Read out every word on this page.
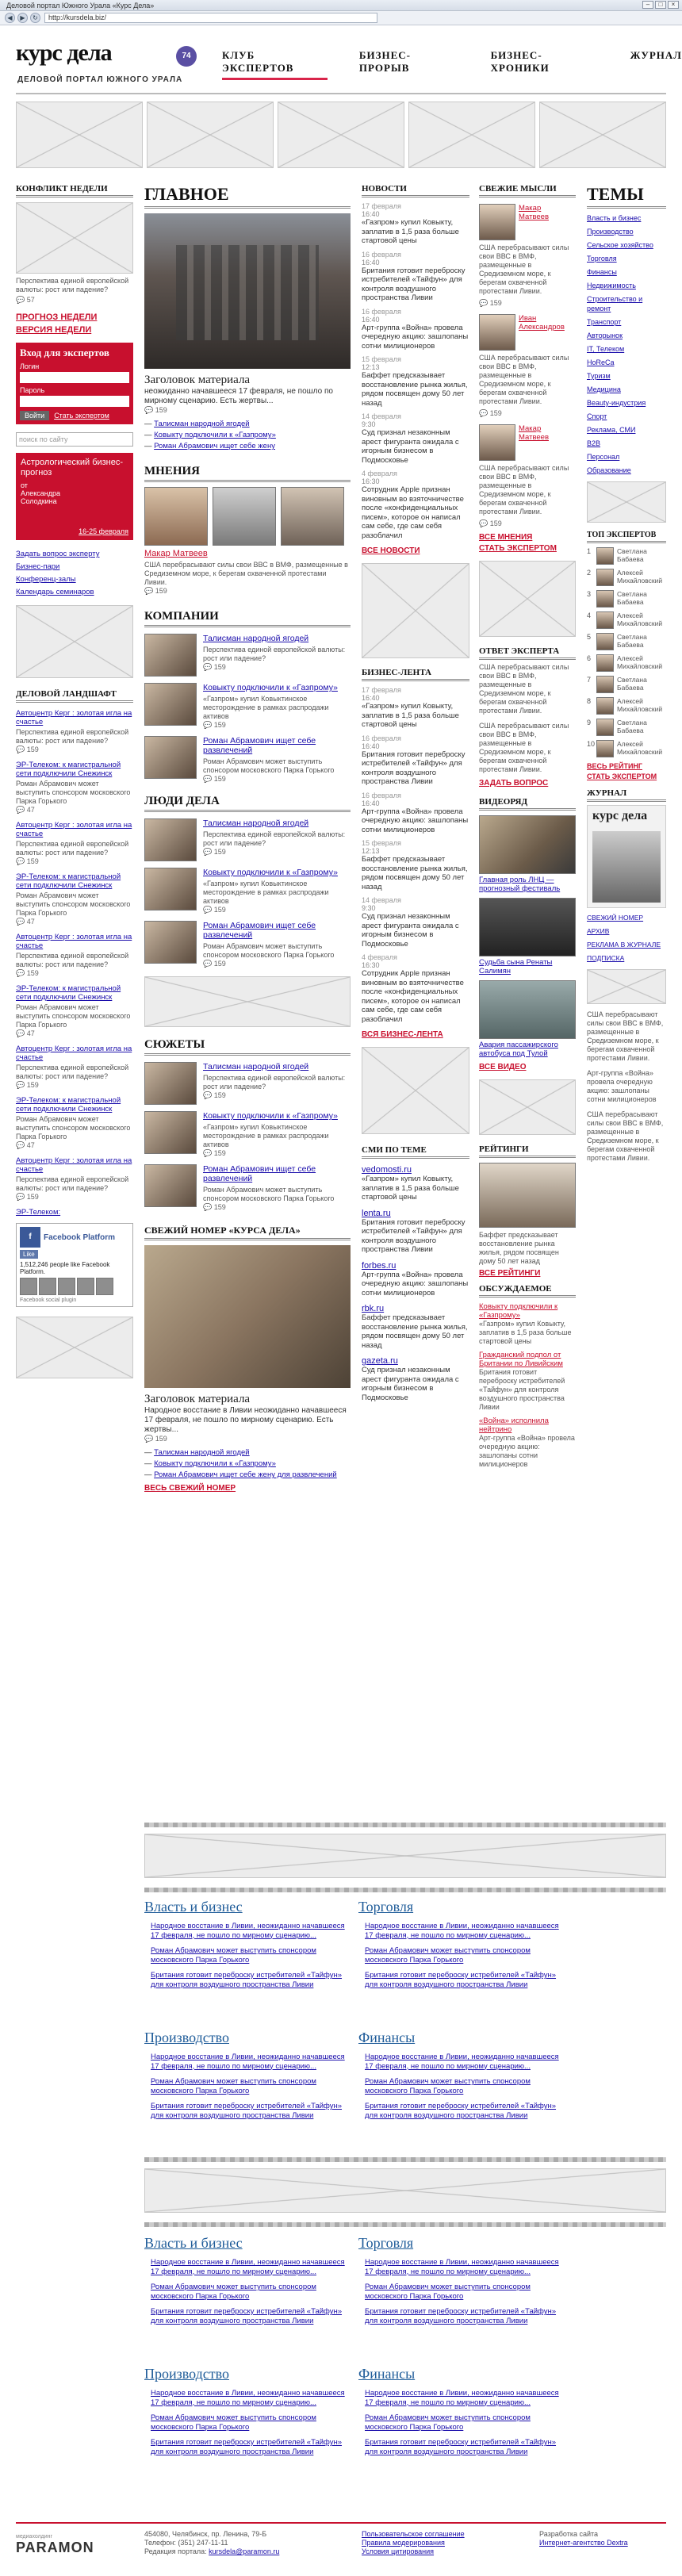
Деловой портал Южного Урала «Курс Дела»	–	□	×
◀	▶	↻	http://kursdela.biz/
курс дела	74
ДЕЛОВОЙ ПОРТАЛ ЮЖНОГО УРАЛА
КЛУБ ЭКСПЕРТОВ
БИЗНЕС-ПРОРЫВ
БИЗНЕС-ХРОНИКИ
ЖУРНАЛ
КОНФЛИКТ НЕДЕЛИ
Перспектива единой европейской валюты: рост или падение?
💬 57
ПРОГНОЗ НЕДЕЛИ
ВЕРСИЯ НЕДЕЛИ
Вход для экспертов
Логин
Пароль
Войти	Стать экспертом
поиск по сайту
Астрологический бизнес-прогноз
от Александра Солодкина
16-25 февраля
Задать вопрос эксперту
Бизнес-пари
Конференц-залы
Календарь семинаров
ДЕЛОВОЙ ЛАНДШАФТ
Автоцентр Керг : золотая игла на счастье
Перспектива единой европейской валюты: рост или падение?
💬 159
ЭР-Телеком: к магистральной сети подключили Снежинск
Роман Абрамович может выступить спонсором московского Парка Горького
💬 47
Автоцентр Керг : золотая игла на счастье
Перспектива единой европейской валюты: рост или падение?
💬 159
ЭР-Телеком: к магистральной сети подключили Снежинск
Роман Абрамович может выступить спонсором московского Парка Горького
💬 47
Автоцентр Керг : золотая игла на счастье
Перспектива единой европейской валюты: рост или падение?
💬 159
ЭР-Телеком: к магистральной сети подключили Снежинск
Роман Абрамович может выступить спонсором московского Парка Горького
💬 47
Автоцентр Керг : золотая игла на счастье
Перспектива единой европейской валюты: рост или падение?
💬 159
ЭР-Телеком: к магистральной сети подключили Снежинск
Роман Абрамович может выступить спонсором московского Парка Горького
💬 47
Автоцентр Керг : золотая игла на счастье
Перспектива единой европейской валюты: рост или падение?
💬 159
ЭР-Телеком:
f	Facebook Platform
Like
1,512,246 people like Facebook Platform.
Facebook social plugin
ГЛАВНОЕ
Заголовок материала
неожиданно начавшееся 17 февраля, не пошло по мирному сценарию. Есть жертвы...
💬 159
— Талисман народной ягодей
— Ковыкту подключили к «Газпрому»
— Роман Абрамович ищет себе жену
МНЕНИЯ
Макар Матвеев
США перебрасывают силы свои ВВС в ВМФ, размещенные в Средиземном море, к берегам охваченной протестами Ливии.
💬 159
КОМПАНИИ
Талисман народной ягодей
Перспектива единой европейской валюты: рост или падение?
💬 159
Ковыкту подключили к «Газпрому»
«Газпром» купил Ковыктинское месторождение в рамках распродажи активов
💬 159
Роман Абрамович ищет себе развлечений
Роман Абрамович может выступить спонсором московского Парка Горького
💬 159
ЛЮДИ ДЕЛА
Талисман народной ягодей
Перспектива единой европейской валюты: рост или падение?
💬 159
Ковыкту подключили к «Газпрому»
«Газпром» купил Ковыктинское месторождение в рамках распродажи активов
💬 159
Роман Абрамович ищет себе развлечений
Роман Абрамович может выступить спонсором московского Парка Горького
💬 159
СЮЖЕТЫ
Талисман народной ягодей
Перспектива единой европейской валюты: рост или падение?
💬 159
Ковыкту подключили к «Газпрому»
«Газпром» купил Ковыктинское месторождение в рамках распродажи активов
💬 159
Роман Абрамович ищет себе развлечений
Роман Абрамович может выступить спонсором московского Парка Горького
💬 159
СВЕЖИЙ НОМЕР «КУРСА ДЕЛА»
Заголовок материала
Народное восстание в Ливии неожиданно начавшееся 17 февраля, не пошло по мирному сценарию. Есть жертвы...
💬 159
— Талисман народной ягодей
— Ковыкту подключили к «Газпрому»
— Роман Абрамович ищет себе жену для развлечений
ВЕСЬ СВЕЖИЙ НОМЕР
НОВОСТИ
17 февраля
16:40

«Газпром» купил Ковыкту, заплатив в 1,5 раза больше стартовой цены

16 февраля
16:40

Британия готовит переброску истребителей «Тайфун» для контроля воздушного пространства Ливии

16 февраля
16:40

Арт-группа «Война» провела очередную акцию: зашлопаны сотни милиционеров

15 февраля
12:13

Баффет предсказывает восстановление рынка жилья, рядом посвящен дому 50 лет назад

14 февраля
9:30

Суд признал незаконным арест фигуранта ожидала с игорным бизнесом в Подмосковье

4 февраля
16:30

Сотрудник Apple признан виновным во взяточничестве после «конфиденциальных писем», которое он написал сам себе, где сам себя разоблачил

ВСЕ НОВОСТИ
БИЗНЕС-ЛЕНТА
17 февраля
16:40

«Газпром» купил Ковыкту, заплатив в 1,5 раза больше стартовой цены

16 февраля
16:40

Британия готовит переброску истребителей «Тайфун» для контроля воздушного пространства Ливии

16 февраля
16:40

Арт-группа «Война» провела очередную акцию: зашлопаны сотни милиционеров

15 февраля
12:13

Баффет предсказывает восстановление рынка жилья, рядом посвящен дому 50 лет назад

14 февраля
9:30

Суд признал незаконным арест фигуранта ожидала с игорным бизнесом в Подмосковье

4 февраля
16:30

Сотрудник Apple признан виновным во взяточничестве после «конфиденциальных писем», которое он написал сам себе, где сам себя разоблачил

ВСЯ БИЗНЕС-ЛЕНТА
СМИ ПО ТЕМЕ
vedomosti.ru

«Газпром» купил Ковыкту, заплатив в 1,5 раза больше стартовой цены

lenta.ru

Британия готовит переброску истребителей «Тайфун» для контроля воздушного пространства Ливии

forbes.ru

Арт-группа «Война» провела очередную акцию: зашлопаны сотни милиционеров

rbk.ru

Баффет предсказывает восстановление рынка жилья, рядом посвящен дому 50 лет назад

gazeta.ru

Суд признал незаконным арест фигуранта ожидала с игорным бизнесом в Подмосковье

СВЕЖИЕ МЫСЛИ
Макар Матвеев
США перебрасывают силы свои ВВС в ВМФ, размещенные в Средиземном море, к берегам охваченной протестами Ливии.
💬 159
Иван Александров
США перебрасывают силы свои ВВС в ВМФ, размещенные в Средиземном море, к берегам охваченной протестами Ливии.
💬 159
Макар Матвеев
США перебрасывают силы свои ВВС в ВМФ, размещенные в Средиземном море, к берегам охваченной протестами Ливии.
💬 159
ВСЕ МНЕНИЯ
СТАТЬ ЭКСПЕРТОМ
ОТВЕТ ЭКСПЕРТА
США перебрасывают силы свои ВВС в ВМФ, размещенные в Средиземном море, к берегам охваченной протестами Ливии.
США перебрасывают силы свои ВВС в ВМФ, размещенные в Средиземном море, к берегам охваченной протестами Ливии.
ЗАДАТЬ ВОПРОС
ВИДЕОРЯД
Главная роль ЛНЦ — прогнозный фестиваль
Судьба сына Ренаты Салимян
Авария пассажирского автобуса под Тулой
ВСЕ ВИДЕО
РЕЙТИНГИ
Баффет предсказывает восстановление рынка жилья, рядом посвящен дому 50 лет назад
ВСЕ РЕЙТИНГИ
ОБСУЖДАЕМОЕ
Ковыкту подключили к «Газпрому»
«Газпром» купил Ковыкту, заплатив в 1,5 раза больше стартовой цены
Гражданский подпол от Британии по Ливийским
Британия готовит переброску истребителей «Тайфун» для контроля воздушного пространства Ливии
«Война» исполнила нейтрино
Арт-группа «Война» провела очередную акцию: зашлопаны сотни милиционеров
ТЕМЫ
Власть и бизнес
Производство
Сельское хозяйство
Торговля
Финансы
Недвижимость
Строительство и ремонт
Транспорт
Авторынок
IT, Телеком
HoReCa
Туризм
Медицина
Beauty-индустрия
Спорт
Реклама, СМИ
B2B
Персонал
Образование
ТОП ЭКСПЕРТОВ
1	Светлана Бабаева
2	Алексей Михайловский
3	Светлана Бабаева
4	Алексей Михайловский
5	Светлана Бабаева
6	Алексей Михайловский
7	Светлана Бабаева
8	Алексей Михайловский
9	Светлана Бабаева
10	Алексей Михайловский
ВЕСЬ РЕЙТИНГ
СТАТЬ ЭКСПЕРТОМ
ЖУРНАЛ
курс дела
СВЕЖИЙ НОМЕР
АРХИВ
РЕКЛАМА В ЖУРНАЛЕ
ПОДПИСКА
США перебрасывают силы свои ВВС в ВМФ, размещенные в Средиземном море, к берегам охваченной протестами Ливии.
Арт-группа «Война» провела очередную акцию: зашлопаны сотни милиционеров
США перебрасывают силы свои ВВС в ВМФ, размещенные в Средиземном море, к берегам охваченной протестами Ливии.
Власть и бизнес
Народное восстание в Ливии, неожиданно начавшееся 17 февраля, не пошло по мирному сценарию...
Роман Абрамович может выступить спонсором московского Парка Горького
Британия готовит переброску истребителей «Тайфун» для контроля воздушного пространства Ливии
Торговля
Народное восстание в Ливии, неожиданно начавшееся 17 февраля, не пошло по мирному сценарию...
Роман Абрамович может выступить спонсором московского Парка Горького
Британия готовит переброску истребителей «Тайфун» для контроля воздушного пространства Ливии
Производство
Народное восстание в Ливии, неожиданно начавшееся 17 февраля, не пошло по мирному сценарию...
Роман Абрамович может выступить спонсором московского Парка Горького
Британия готовит переброску истребителей «Тайфун» для контроля воздушного пространства Ливии
Финансы
Народное восстание в Ливии, неожиданно начавшееся 17 февраля, не пошло по мирному сценарию...
Роман Абрамович может выступить спонсором московского Парка Горького
Британия готовит переброску истребителей «Тайфун» для контроля воздушного пространства Ливии
Власть и бизнес
Народное восстание в Ливии, неожиданно начавшееся 17 февраля, не пошло по мирному сценарию...
Роман Абрамович может выступить спонсором московского Парка Горького
Британия готовит переброску истребителей «Тайфун» для контроля воздушного пространства Ливии
Торговля
Народное восстание в Ливии, неожиданно начавшееся 17 февраля, не пошло по мирному сценарию...
Роман Абрамович может выступить спонсором московского Парка Горького
Британия готовит переброску истребителей «Тайфун» для контроля воздушного пространства Ливии
Производство
Народное восстание в Ливии, неожиданно начавшееся 17 февраля, не пошло по мирному сценарию...
Роман Абрамович может выступить спонсором московского Парка Горького
Британия готовит переброску истребителей «Тайфун» для контроля воздушного пространства Ливии
Финансы
Народное восстание в Ливии, неожиданно начавшееся 17 февраля, не пошло по мирному сценарию...
Роман Абрамович может выступить спонсором московского Парка Горького
Британия готовит переброску истребителей «Тайфун» для контроля воздушного пространства Ливии
медиахолдинг
PARAMON
454080, Челябинск, пр. Ленина, 79-Б
Телефон: (351) 247-11-11
Редакция портала: kursdela@paramon.ru
Пользовательское соглашение
Правила модерирования
Условия цитирования
Разработка сайта
Интернет-агентство Dextra
